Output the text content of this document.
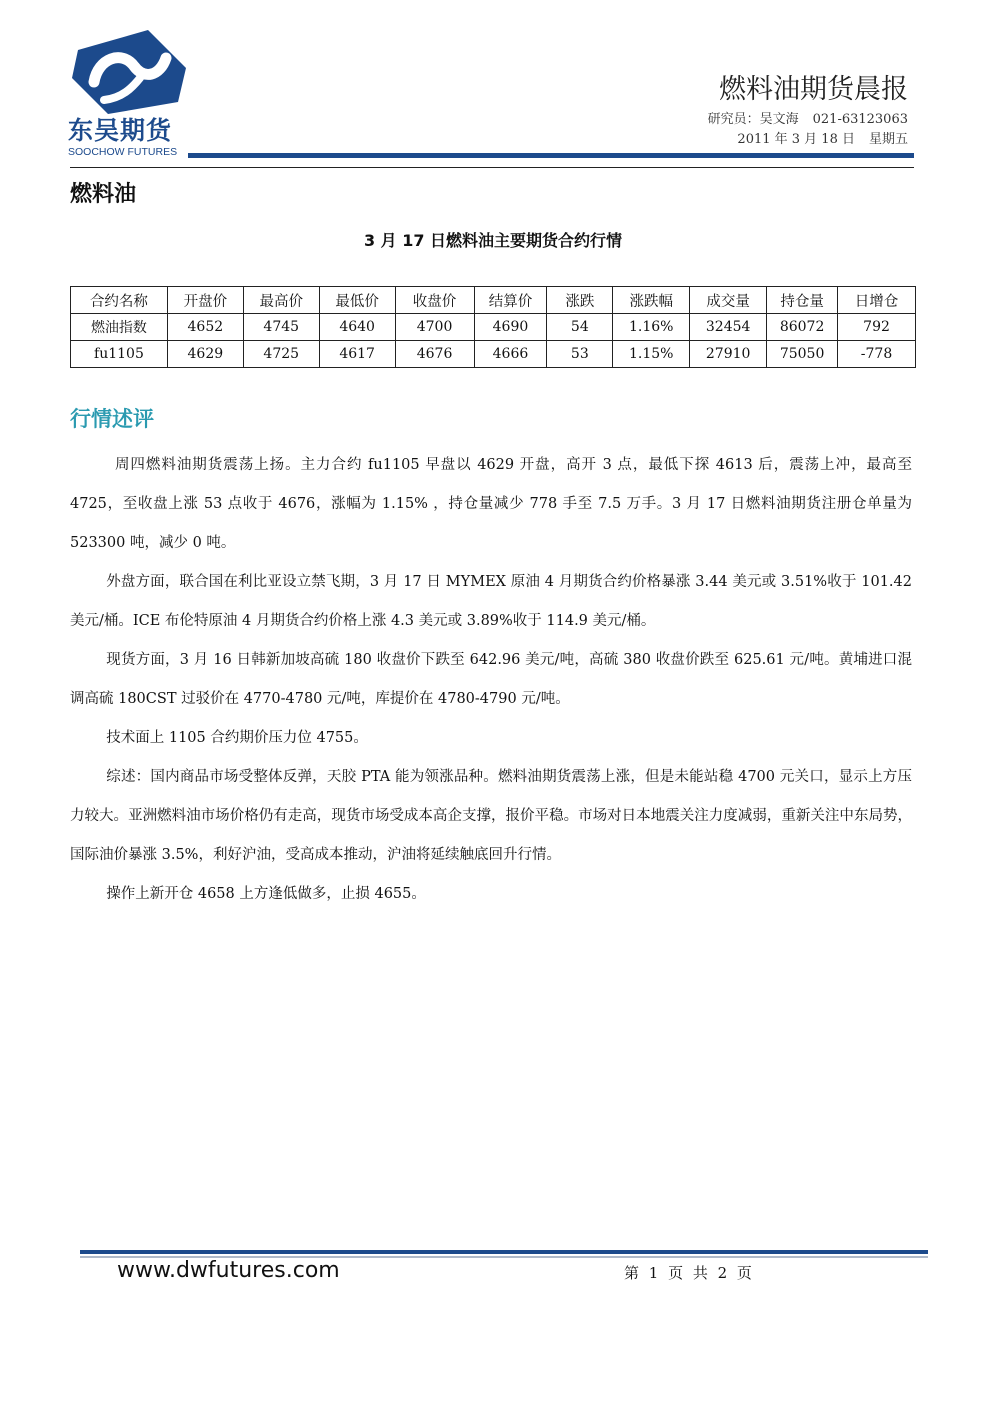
东吴期货
SOOCHOW FUTURES
燃料油期货晨报
研究员：吴文海 021-63123063
2011 年 3 月 18 日 星期五
燃料油
3 月 17 日燃料油主要期货合约行情
合约名称	开盘价	最高价	最低价	收盘价	结算价	涨跌	涨跌幅	成交量	持仓量	日增仓
燃油指数	4652	4745	4640	4700	4690	54	1.16%	32454	86072	792
fu1105	4629	4725	4617	4676	4666	53	1.15%	27910	75050	-778
行情述评

周四燃料油期货震荡上扬。主力合约 fu1105 早盘以 4629 开盘，高开 3 点，最低下探 4613 后，震荡上冲，最高至 4725，至收盘上涨 53 点收于 4676，涨幅为 1.15% ，持仓量减少 778 手至 7.5 万手。3 月 17 日燃料油期货注册仓单量为 523300 吨，减少 0 吨。

外盘方面，联合国在利比亚设立禁飞期，3 月 17 日 MYMEX 原油 4 月期货合约价格暴涨 3.44 美元或 3.51%收于 101.42 美元/桶。ICE 布伦特原油 4 月期货合约价格上涨 4.3 美元或 3.89%收于 114.9 美元/桶。

现货方面，3 月 16 日韩新加坡高硫 180 收盘价下跌至 642.96 美元/吨，高硫 380 收盘价跌至 625.61 元/吨。黄埔进口混调高硫 180CST 过驳价在 4770-4780 元/吨，库提价在 4780-4790 元/吨。

技术面上 1105 合约期价压力位 4755。

综述：国内商品市场受整体反弹，天胶 PTA 能为领涨品种。燃料油期货震荡上涨，但是未能站稳 4700 元关口，显示上方压力较大。亚洲燃料油市场价格仍有走高，现货市场受成本高企支撑，报价平稳。市场对日本地震关注力度减弱，重新关注中东局势，国际油价暴涨 3.5%，利好沪油，受高成本推动，沪油将延续触底回升行情。

操作上新开仓 4658 上方逢低做多，止损 4655。

www.dwfutures.com	第 1 页 共 2 页
